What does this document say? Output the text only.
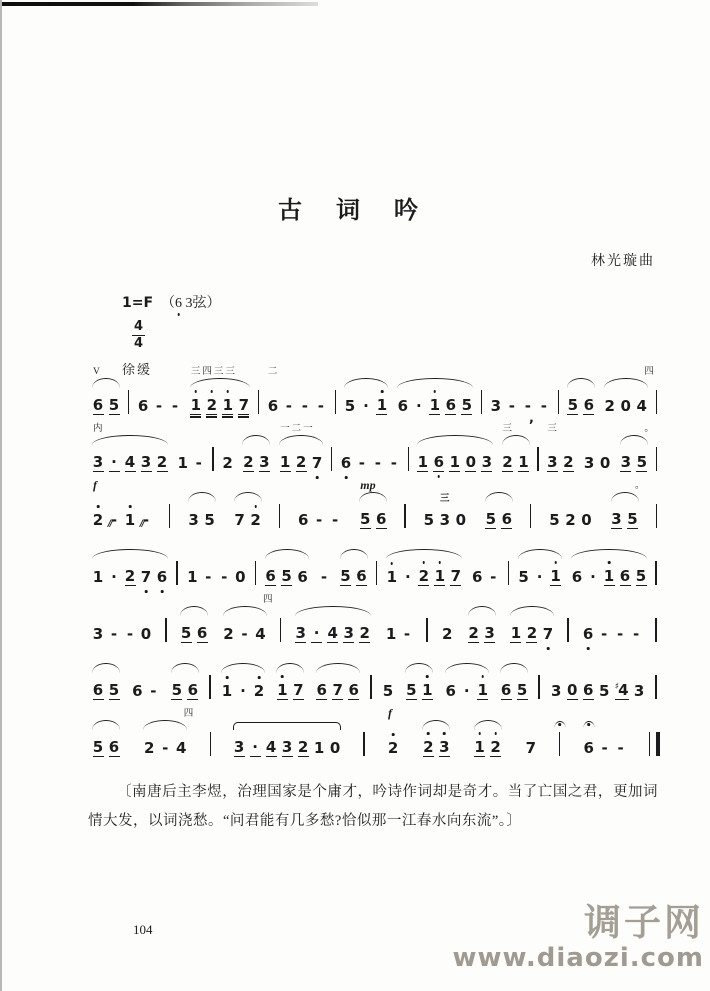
古 词 吟
林光璇曲
1=F （6 3弦）
$\frac{4}{4}$
徐缓
V
6 5 6 - -
三四三三
1 2 1 7
二
6 - - - 5 · 1 6 · 1 6 5 3 - -
,
- 5 6
四
2 0 4
内
3 · 4 3 2 1 - 2 2 3
一二一
1 2 7 6 - - - 1 6 1 0 3
三
2 1
三
3 2 3 0
。
3 5
f
2 ∕∕ - 1 ∕∕ -	3 5 7 2 6 - -
mp
5 6 5 3
三
0 5 6 5 2 0
。
3 5
1 · 2 7 6 1 - - 0 6 5 6 - 5 6 1 · 2 1 7 6 - 5 · 1 6 · 1 6 5
3 - - 0 5 6
四
2 - 4 3 · 4 3 2 1 - 2 2 3 1 2 7 6 - - -
6 5 6 - 5 6 1 · 2 1 7 6 7 6 5 5 1 6 · 1 6 5 3 0 6 5 ♯4 3
5 6
四
2 - 4	3 · 4 3 2 1 0
f
2 2 3 1 2 7	6 - -
〔南唐后主李煜，治理国家是个庸才，吟诗作词却是奇才。当了亡国之君，更加词情大发，以词浇愁。“问君能有几多愁?恰似那一江春水向东流”。〕
104	调子网
www.diaozi.com
